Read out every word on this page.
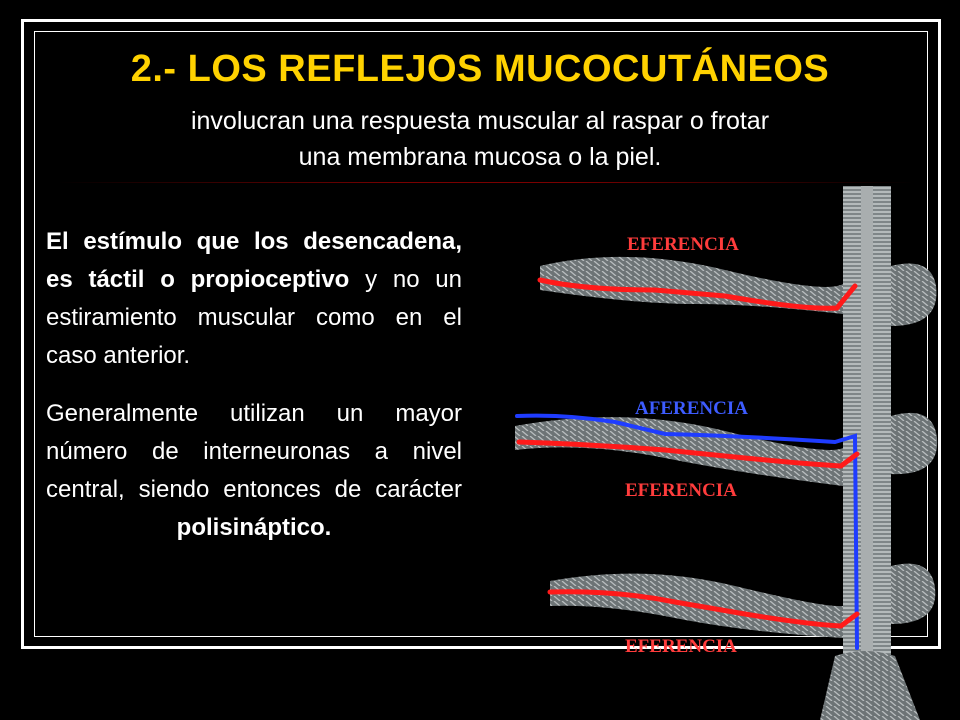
2.- LOS REFLEJOS MUCOCUTÁNEOS
involucran una respuesta muscular al raspar o frotar
una membrana mucosa o la piel.

El estímulo que los desencadena, es táctil o propioceptivo y no un estiramiento muscular como en el caso anterior.

Generalmente utilizan un mayor número de interneuronas a nivel central, siendo entonces de carácter

polisináptico.

EFERENCIA
AFERENCIA
EFERENCIA
EFERENCIA
